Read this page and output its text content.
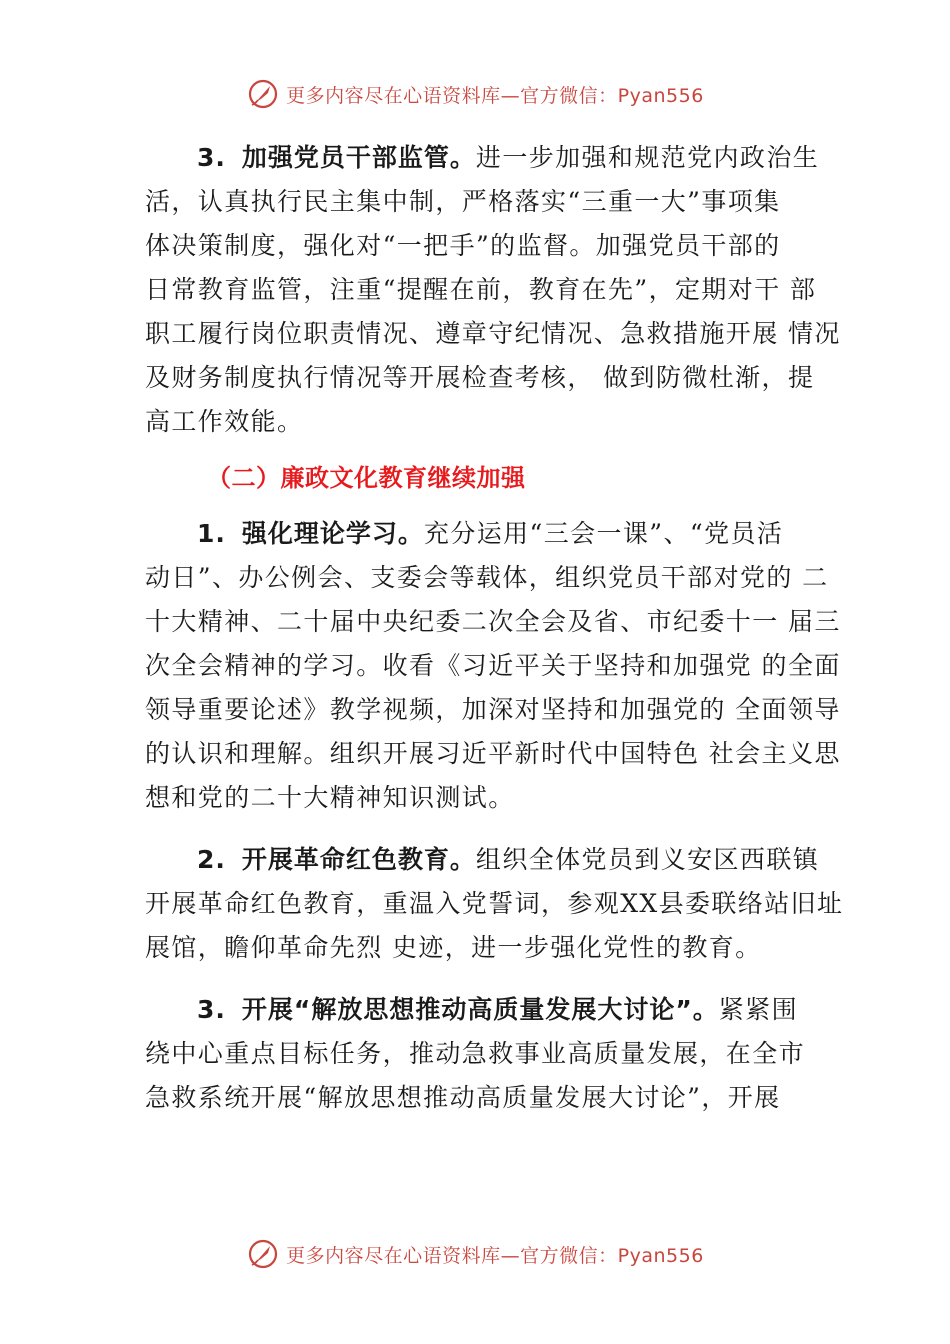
更多内容尽在心语资料库—官方微信：Pyan556
3. 加强党员干部监管。进一步加强和规范党内政治生
活，认真执行民主集中制，严格落实“三重一大”事项集
体决策制度，强化对“一把手”的监督。加强党员干部的
日常教育监管，注重“提醒在前，教育在先”，定期对干 部
职工履行岗位职责情况、遵章守纪情况、急救措施开展 情况
及财务制度执行情况等开展检查考核， 做到防微杜渐，提
高工作效能。
（二）廉政文化教育继续加强
1. 强化理论学习。充分运用“三会一课”、“党员活
动日”、办公例会、支委会等载体，组织党员干部对党的 二
十大精神、二十届中央纪委二次全会及省、市纪委十一 届三
次全会精神的学习。收看《习近平关于坚持和加强党 的全面
领导重要论述》教学视频，加深对坚持和加强党的 全面领导
的认识和理解。组织开展习近平新时代中国特色 社会主义思
想和党的二十大精神知识测试。
2. 开展革命红色教育。组织全体党员到义安区西联镇
开展革命红色教育，重温入党誓词，参观XX县委联络站旧址
展馆，瞻仰革命先烈 史迹，进一步强化党性的教育。
3. 开展“解放思想推动高质量发展大讨论”。紧紧围
绕中心重点目标任务，推动急救事业高质量发展，在全市
急救系统开展“解放思想推动高质量发展大讨论”，开展
更多内容尽在心语资料库—官方微信：Pyan556
